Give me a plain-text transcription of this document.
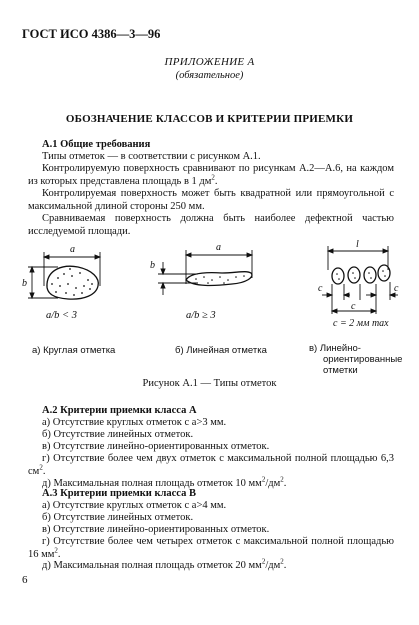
ГОСТ ИСО 4386—3—96
ПРИЛОЖЕНИЕ А
(обязательное)
ОБОЗНАЧЕНИЕ КЛАССОВ И КРИТЕРИИ ПРИЕМКИ
А.1 Общие требования
Типы отметок — в соответствии с рисунком А.1.
Контролируемую поверхность сравнивают по рисункам А.2—А.6, на каждом из которых представлена площадь в 1 $дм^2$.
Контролируемая поверхность может быть квадратной или прямоугольной с максимальной длиной стороны 250 мм.
Сравниваемая поверхность должна быть наиболее дефектной частью исследуемой площади.
a
b
a/b < 3
a
b
a/b ≥ 3
l
c	c
c
c = 2 мм max
а) Круглая отметка	б) Линейная отметка	в) Линейно-
ориентированные
отметки
Рисунок А.1 — Типы отметок
А.2 Критерии приемки класса А
а) Отсутствие круглых отметок с a>3 мм.
б) Отсутствие линейных отметок.
в) Отсутствие линейно-ориентированных отметок.
г) Отсутствие более чем двух отметок с максимальной полной площадью 6,3 $см^2$.
д) Максимальная полная площадь отметок 10 $мм^2/дм^2$.
А.3 Критерии приемки класса В
а) Отсутствие круглых отметок с a>4 мм.
б) Отсутствие линейных отметок.
в) Отсутствие линейно-ориентированных отметок.
г) Отсутствие более чем четырех отметок с максимальной полной площадью 16 $мм^2$.
д) Максимальная полная площадь отметок 20 $мм^2/дм^2$.
6
